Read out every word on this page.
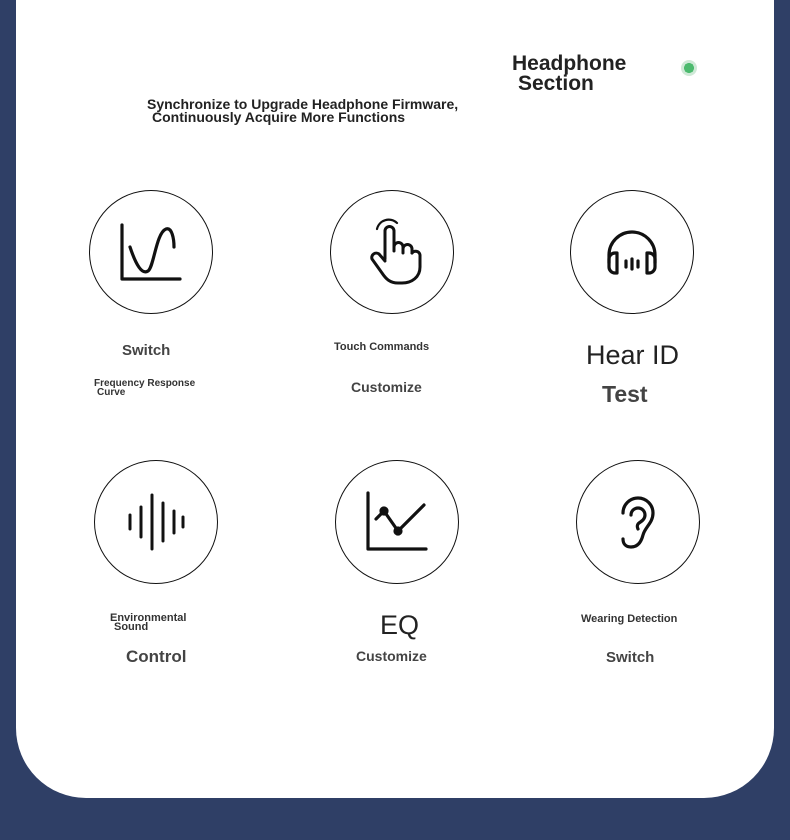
Headphone
Section
Synchronize to Upgrade Headphone Firmware,
Continuously Acquire More Functions
Switch
Frequency Response
Curve
Touch Commands
Customize
Hear ID
Test
Environmental
Sound
Control
EQ
Customize
Wearing Detection
Switch
